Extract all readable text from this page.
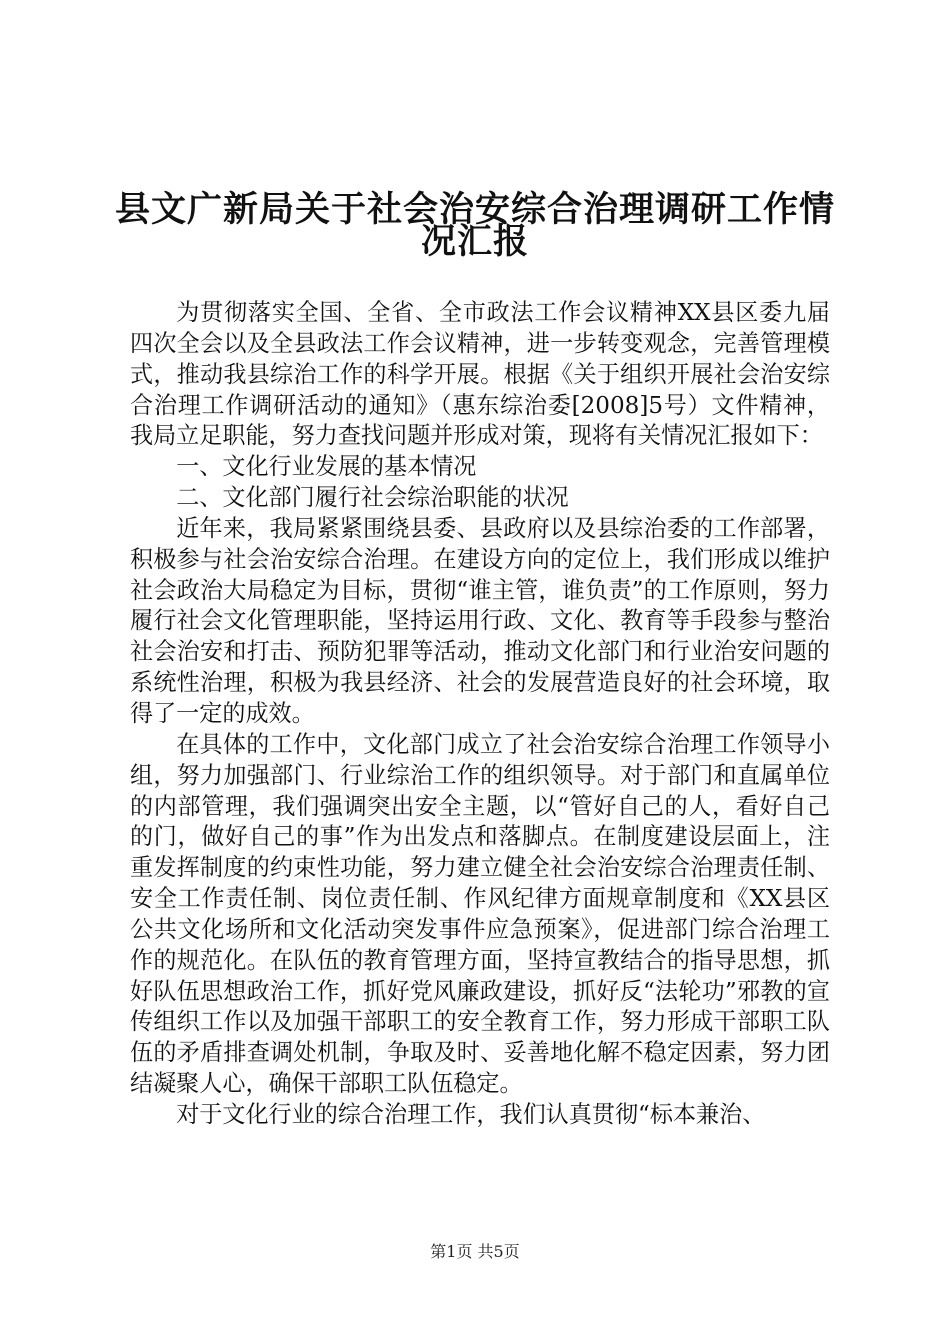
县文广新局关于社会治安综合治理调研工作情
况汇报

为贯彻落实全国、全省、全市政法工作会议精神XX县区委九届四次全会以及全县政法工作会议精神，进一步转变观念，完善管理模式，推动我县综治工作的科学开展。根据《关于组织开展社会治安综合治理工作调研活动的通知》（惠东综治委[2008]5号）文件精神，我局立足职能，努力查找问题并形成对策，现将有关情况汇报如下：

一、文化行业发展的基本情况

二、文化部门履行社会综治职能的状况

近年来，我局紧紧围绕县委、县政府以及县综治委的工作部署，积极参与社会治安综合治理。在建设方向的定位上，我们形成以维护社会政治大局稳定为目标，贯彻“谁主管，谁负责”的工作原则，努力履行社会文化管理职能，坚持运用行政、文化、教育等手段参与整治社会治安和打击、预防犯罪等活动，推动文化部门和行业治安问题的系统性治理，积极为我县经济、社会的发展营造良好的社会环境，取得了一定的成效。

在具体的工作中，文化部门成立了社会治安综合治理工作领导小组，努力加强部门、行业综治工作的组织领导。对于部门和直属单位的内部管理，我们强调突出安全主题，以“管好自己的人，看好自己的门，做好自己的事”作为出发点和落脚点。在制度建设层面上，注重发挥制度的约束性功能，努力建立健全社会治安综合治理责任制、安全工作责任制、岗位责任制、作风纪律方面规章制度和《XX县区公共文化场所和文化活动突发事件应急预案》，促进部门综合治理工作的规范化。在队伍的教育管理方面，坚持宣教结合的指导思想，抓好队伍思想政治工作，抓好党风廉政建设，抓好反“法轮功”邪教的宣传组织工作以及加强干部职工的安全教育工作，努力形成干部职工队伍的矛盾排查调处机制，争取及时、妥善地化解不稳定因素，努力团结凝聚人心，确保干部职工队伍稳定。

对于文化行业的综合治理工作，我们认真贯彻“标本兼治、

第1页 共5页
